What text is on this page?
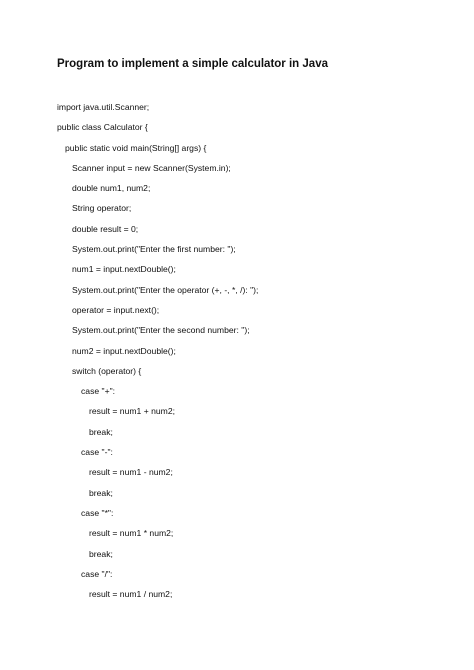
Program to implement a simple calculator in Java
import java.util.Scanner;
public class Calculator {
public static void main(String[] args) {
Scanner input = new Scanner(System.in);
double num1, num2;
String operator;
double result = 0;
System.out.print("Enter the first number: ");
num1 = input.nextDouble();
System.out.print("Enter the operator (+, -, *, /): ");
operator = input.next();
System.out.print("Enter the second number: ");
num2 = input.nextDouble();
switch (operator) {
case "+":
result = num1 + num2;
break;
case "-":
result = num1 - num2;
break;
case "*":
result = num1 * num2;
break;
case "/":
result = num1 / num2;
